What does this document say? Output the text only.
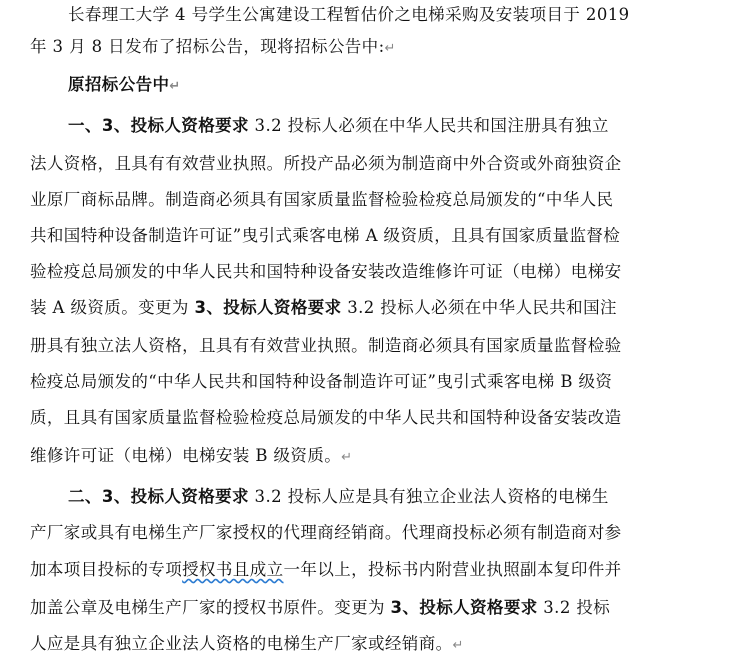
长春理工大学 4 号学生公寓建设工程暂估价之电梯采购及安装项目于 2019
年 3 月 8 日发布了招标公告，现将招标公告中:↵
原招标公告中↵
一、3、投标人资格要求 3.2 投标人必须在中华人民共和国注册具有独立
法人资格，且具有有效营业执照。所投产品必须为制造商中外合资或外商独资企
业原厂商标品牌。制造商必须具有国家质量监督检验检疫总局颁发的“中华人民
共和国特种设备制造许可证”曳引式乘客电梯 A 级资质，且具有国家质量监督检
验检疫总局颁发的中华人民共和国特种设备安装改造维修许可证（电梯）电梯安
装 A 级资质。变更为 3、投标人资格要求 3.2 投标人必须在中华人民共和国注
册具有独立法人资格，且具有有效营业执照。制造商必须具有国家质量监督检验
检疫总局颁发的“中华人民共和国特种设备制造许可证”曳引式乘客电梯 B 级资
质，且具有国家质量监督检验检疫总局颁发的中华人民共和国特种设备安装改造
维修许可证（电梯）电梯安装 B 级资质。↵
二、3、投标人资格要求 3.2 投标人应是具有独立企业法人资格的电梯生
产厂家或具有电梯生产厂家授权的代理商经销商。代理商投标必须有制造商对参
加本项目投标的专项授权书且成立一年以上，投标书内附营业执照副本复印件并
加盖公章及电梯生产厂家的授权书原件。变更为 3、投标人资格要求 3.2 投标
人应是具有独立企业法人资格的电梯生产厂家或经销商。↵
